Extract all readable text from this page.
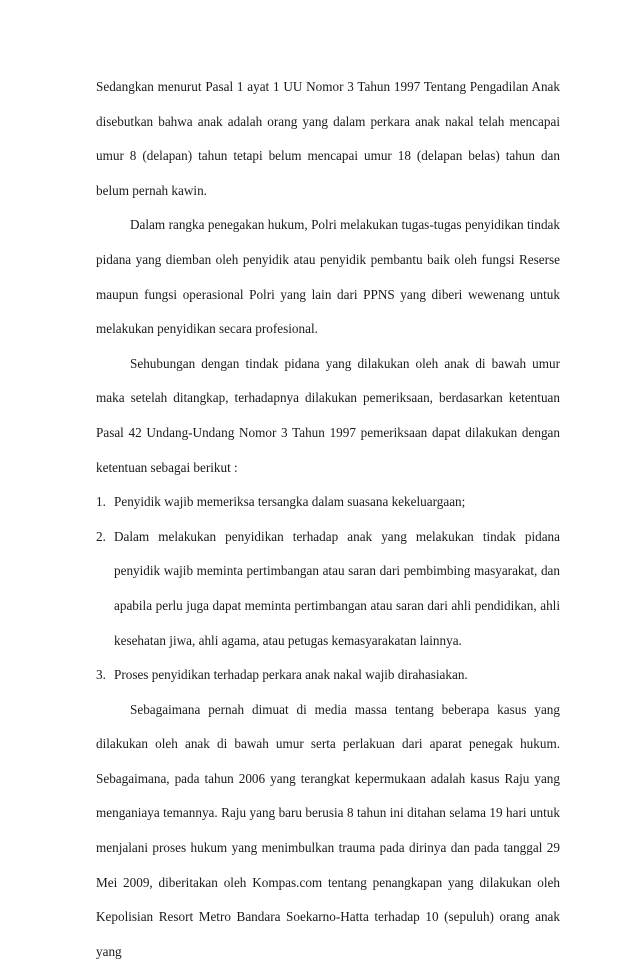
Sedangkan menurut Pasal 1 ayat 1 UU Nomor 3 Tahun 1997 Tentang Pengadilan Anak disebutkan bahwa anak adalah orang yang dalam perkara anak nakal telah mencapai umur 8 (delapan) tahun tetapi belum mencapai umur 18 (delapan belas) tahun dan belum pernah kawin.

Dalam rangka penegakan hukum, Polri melakukan tugas-tugas penyidikan tindak pidana yang diemban oleh penyidik atau penyidik pembantu baik oleh fungsi Reserse maupun fungsi operasional Polri yang lain dari PPNS yang diberi wewenang untuk melakukan penyidikan secara profesional.

Sehubungan dengan tindak pidana yang dilakukan oleh anak di bawah umur maka setelah ditangkap, terhadapnya dilakukan pemeriksaan, berdasarkan ketentuan Pasal 42 Undang-Undang Nomor 3 Tahun 1997 pemeriksaan dapat dilakukan dengan ketentuan sebagai berikut :

1. Penyidik wajib memeriksa tersangka dalam suasana kekeluargaan;
2. Dalam melakukan penyidikan terhadap anak yang melakukan tindak pidana penyidik wajib meminta pertimbangan atau saran dari pembimbing masyarakat, dan apabila perlu juga dapat meminta pertimbangan atau saran dari ahli pendidikan, ahli kesehatan jiwa, ahli agama, atau petugas kemasyarakatan lainnya.
3. Proses penyidikan terhadap perkara anak nakal wajib dirahasiakan.

Sebagaimana pernah dimuat di media massa tentang beberapa kasus yang dilakukan oleh anak di bawah umur serta perlakuan dari aparat penegak hukum. Sebagaimana, pada tahun 2006 yang terangkat kepermukaan adalah kasus Raju yang menganiaya temannya. Raju yang baru berusia 8 tahun ini ditahan selama 19 hari untuk menjalani proses hukum yang menimbulkan trauma pada dirinya dan pada tanggal 29 Mei 2009, diberitakan oleh Kompas.com tentang penangkapan yang dilakukan oleh Kepolisian Resort Metro Bandara Soekarno-Hatta terhadap 10 (sepuluh) orang anak yang
